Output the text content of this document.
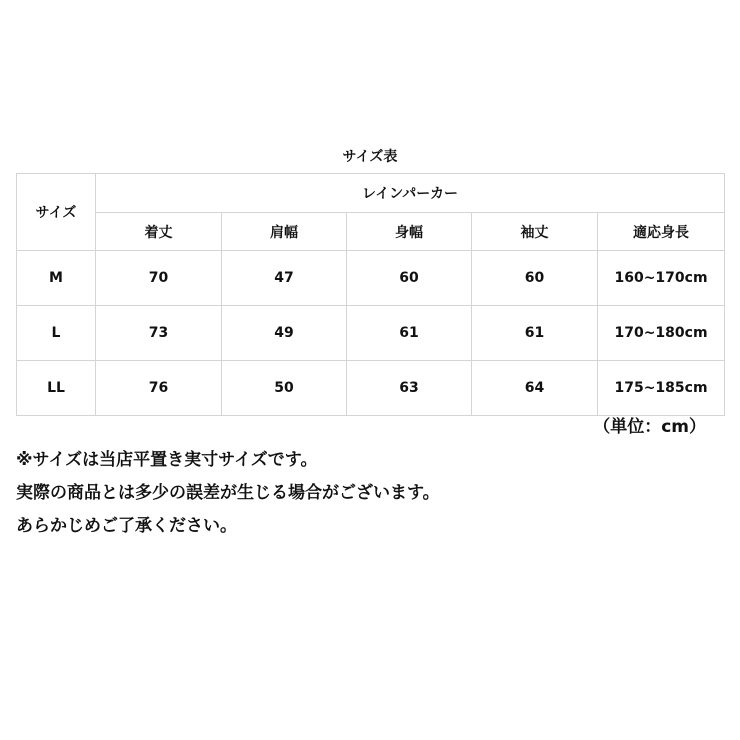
サイズ表
サイズ	レインパーカー				
	着丈	肩幅	身幅	袖丈	適応身長
M	70	47	60	60	160~170cm
L	73	49	61	61	170~180cm
LL	76	50	63	64	175~185cm
（単位：cm）

※サイズは当店平置き実寸サイズです。

実際の商品とは多少の誤差が生じる場合がございます。

あらかじめご了承ください。
